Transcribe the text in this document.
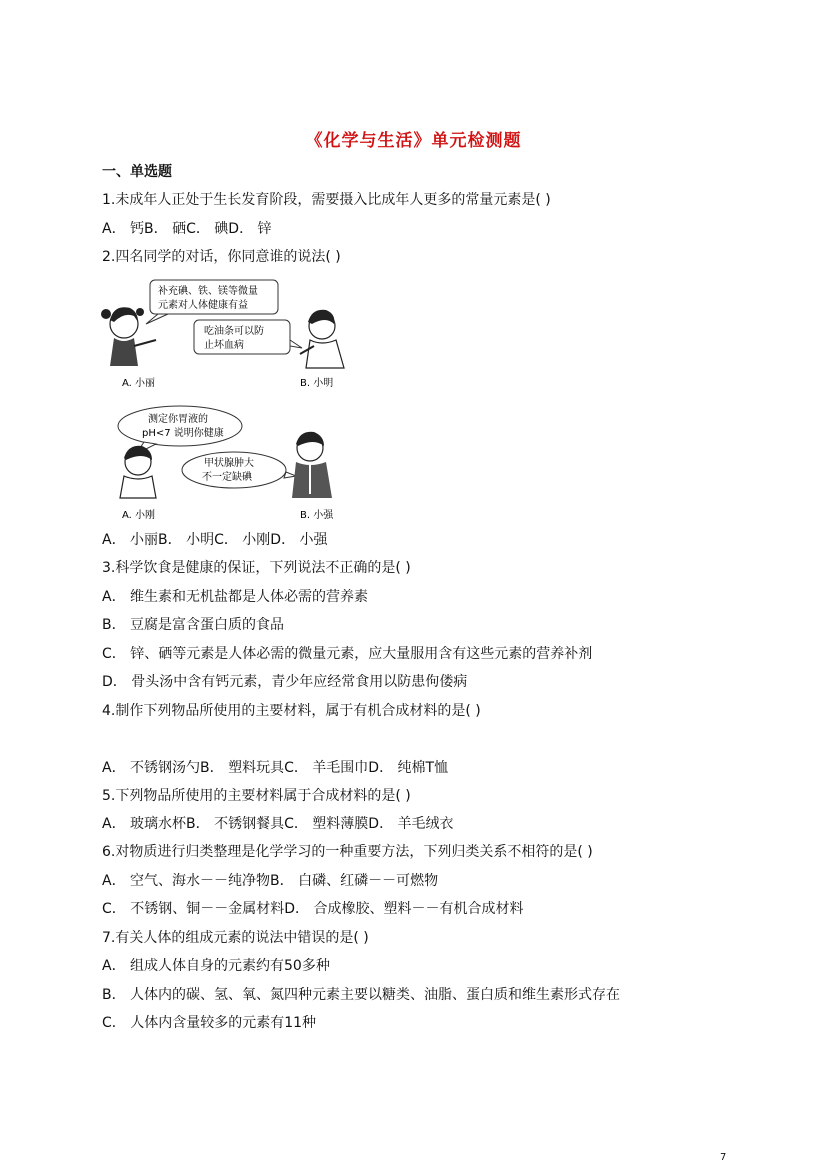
《化学与生活》单元检测题
一、单选题
1.未成年人正处于生长发育阶段，需要摄入比成年人更多的常量元素是( )
A． 钙B． 硒C． 碘D． 锌
2.四名同学的对话，你同意谁的说法( )
补充碘、铁、镁等微量
元素对人体健康有益
吃油条可以防
止坏血病
A. 小丽	B. 小明
测定你胃液的
pH<7 说明你健康
甲状腺肿大
不一定缺碘
A. 小刚	B. 小强
A． 小丽B． 小明C． 小刚D． 小强
3.科学饮食是健康的保证，下列说法不正确的是( )
A． 维生素和无机盐都是人体必需的营养素
B． 豆腐是富含蛋白质的食品
C． 锌、硒等元素是人体必需的微量元素，应大量服用含有这些元素的营养补剂
D． 骨头汤中含有钙元素，青少年应经常食用以防患佝偻病
4.制作下列物品所使用的主要材料，属于有机合成材料的是( )
A． 不锈钢汤勺B． 塑料玩具C． 羊毛围巾D． 纯棉T恤
5.下列物品所使用的主要材料属于合成材料的是( )
A． 玻璃水杯B． 不锈钢餐具C． 塑料薄膜D． 羊毛绒衣
6.对物质进行归类整理是化学学习的一种重要方法，下列归类关系不相符的是( )
A． 空气、海水－－纯净物B． 白磷、红磷－－可燃物
C． 不锈钢、铜－－金属材料D． 合成橡胶、塑料－－有机合成材料
7.有关人体的组成元素的说法中错误的是( )
A． 组成人体自身的元素约有50多种
B． 人体内的碳、氢、氧、氮四种元素主要以糖类、油脂、蛋白质和维生素形式存在
C． 人体内含量较多的元素有11种
7
